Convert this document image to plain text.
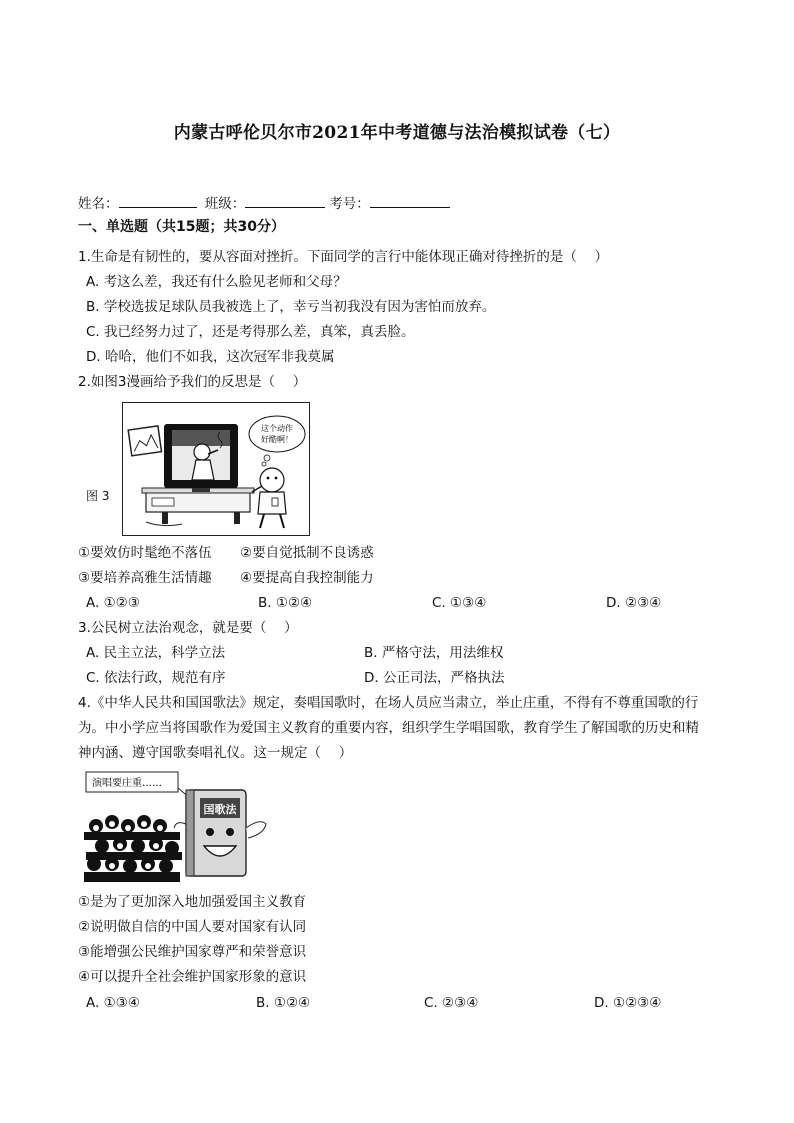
内蒙古呼伦贝尔市2021年中考道德与法治模拟试卷（七）
姓名：	班级：	考号：
一、单选题（共15题；共30分）
1.生命是有韧性的，要从容面对挫折。下面同学的言行中能体现正确对待挫折的是（　 ）
A. 考这么差，我还有什么脸见老师和父母？
B. 学校选拔足球队员我被选上了，幸亏当初我没有因为害怕而放弃。
C. 我已经努力过了，还是考得那么差，真笨，真丢脸。
D. 哈哈，他们不如我，这次冠军非我莫属
2.如图3漫画给予我们的反思是（　 ）
图 3
这个动作
好酷啊！
①要效仿时髦绝不落伍 ②要自觉抵制不良诱惑
③要培养高雅生活情趣 ④要提高自我控制能力
A. ①②③	B. ①②④	C. ①③④	D. ②③④
3.公民树立法治观念，就是要（　 ）
A. 民主立法，科学立法	B. 严格守法，用法维权
C. 依法行政，规范有序	D. 公正司法，严格执法
4.《中华人民共和国国歌法》规定，奏唱国歌时，在场人员应当肃立，举止庄重，不得有不尊重国歌的行
为。中小学应当将国歌作为爱国主义教育的重要内容，组织学生学唱国歌，教育学生了解国歌的历史和精
神内涵、遵守国歌奏唱礼仪。这一规定（　 ）
演唱要庄重……
国歌法
①是为了更加深入地加强爱国主义教育
②说明做自信的中国人要对国家有认同
③能增强公民维护国家尊严和荣誉意识
④可以提升全社会维护国家形象的意识
A. ①③④	B. ①②④	C. ②③④	D. ①②③④
